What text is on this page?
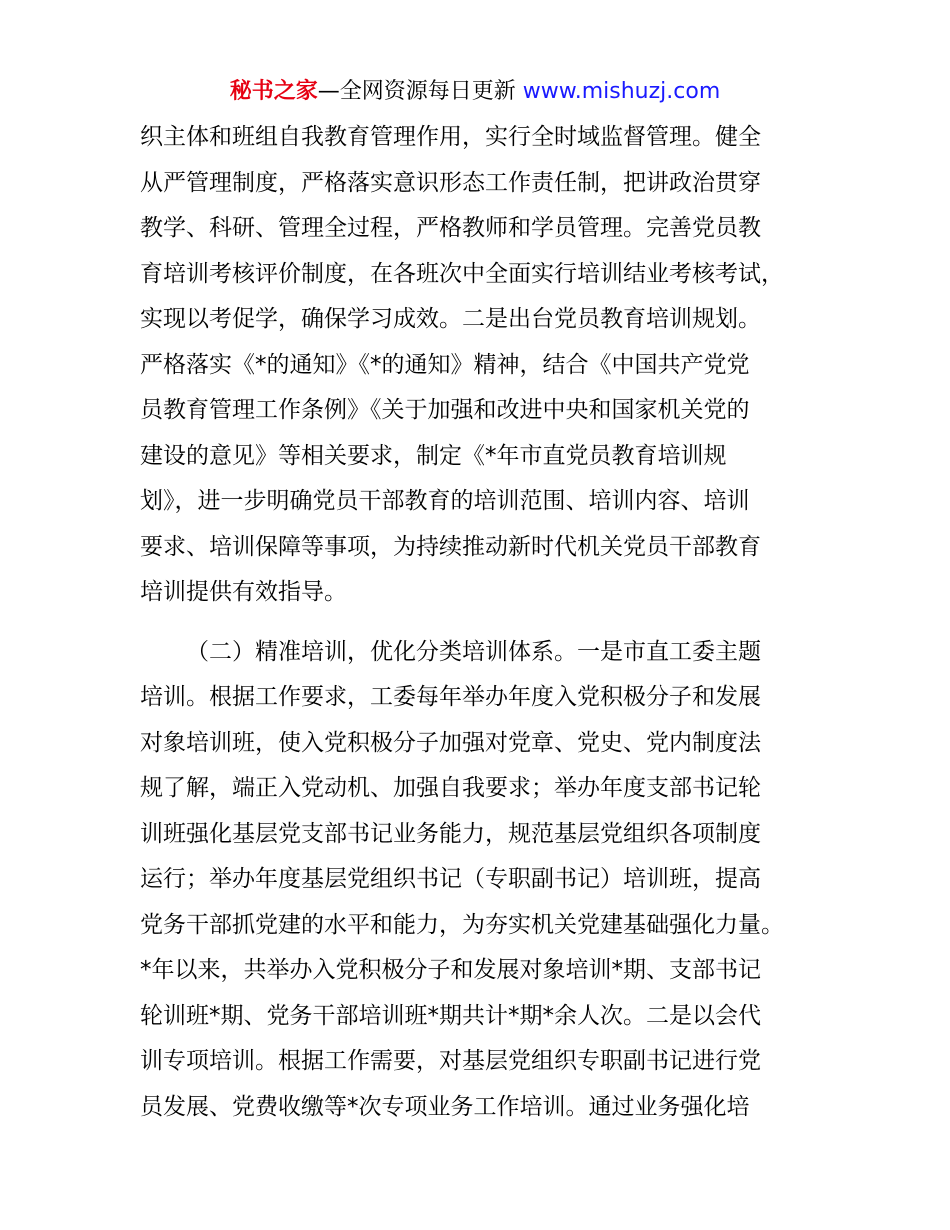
秘书之家—全网资源每日更新 www.mishuzj.com
织主体和班组自我教育管理作用，实行全时域监督管理。健全
从严管理制度，严格落实意识形态工作责任制，把讲政治贯穿
教学、科研、管理全过程，严格教师和学员管理。完善党员教
育培训考核评价制度，在各班次中全面实行培训结业考核考试，
实现以考促学，确保学习成效。二是出台党员教育培训规划。
严格落实《*的通知》《*的通知》精神，结合《中国共产党党
员教育管理工作条例》《关于加强和改进中央和国家机关党的
建设的意见》等相关要求，制定《*年市直党员教育培训规
划》，进一步明确党员干部教育的培训范围、培训内容、培训
要求、培训保障等事项，为持续推动新时代机关党员干部教育
培训提供有效指导。
（二）精准培训，优化分类培训体系。一是市直工委主题
培训。根据工作要求，工委每年举办年度入党积极分子和发展
对象培训班，使入党积极分子加强对党章、党史、党内制度法
规了解，端正入党动机、加强自我要求；举办年度支部书记轮
训班强化基层党支部书记业务能力，规范基层党组织各项制度
运行；举办年度基层党组织书记（专职副书记）培训班，提高
党务干部抓党建的水平和能力，为夯实机关党建基础强化力量。
*年以来，共举办入党积极分子和发展对象培训*期、支部书记
轮训班*期、党务干部培训班*期共计*期*余人次。二是以会代
训专项培训。根据工作需要，对基层党组织专职副书记进行党
员发展、党费收缴等*次专项业务工作培训。通过业务强化培
